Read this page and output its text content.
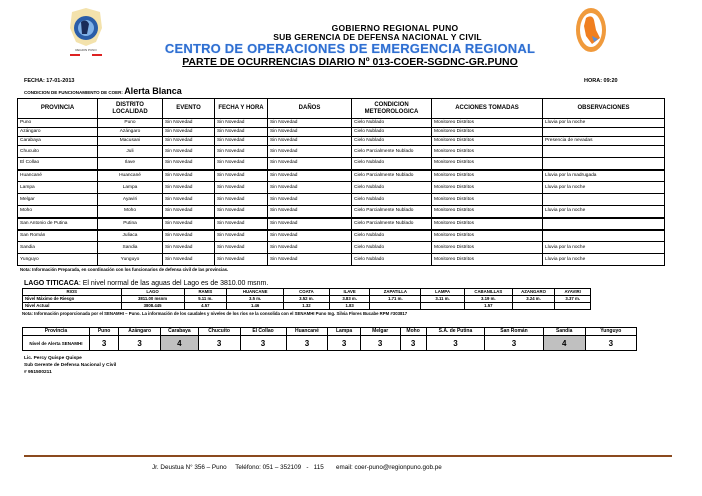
REGION PUNO
GOBIERNO REGIONAL PUNO
SUB GERENCIA DE DEFENSA NACIONAL Y CIVIL
CENTRO DE OPERACIONES DE EMERGENCIA REGIONAL
PARTE DE OCURRENCIAS DIARIO Nº 013-COER-SGDNC-GR.PUNO
FECHA: 17-01-2013	HORA: 09:20
CONDICION DE FUNCIONAMIENTO DE COER: Alerta Blanca
PROVINCIA	DISTRITO LOCALIDAD	EVENTO	FECHA Y HORA	DAÑOS	CONDICION METEOROLOGICA	ACCIONES TOMADAS	OBSERVACIONES
Puno	Puno	Sin Novedad	Sin Novedad	Sin Novedad	Cielo Nublado	Monitoreo Distritos	Lluvia por la noche
Azángaro	Azángaro	Sin Novedad	Sin Novedad	Sin Novedad	Cielo Nublado	Monitoreo Distritos	
Carabaya	Macusani	Sin Novedad	Sin Novedad	Sin Novedad	Cielo Nublado	Monitoreo Distritos	Presencia de nevadas
Chucuito	Juli	Sin Novedad	Sin Novedad	Sin Novedad	Cielo Parcialmente Nublado	Monitoreo Distritos	
El Collao	Ilave	Sin Novedad	Sin Novedad	Sin Novedad	Cielo Nublado	Monitoreo Distritos	
Huancané	Huancané	Sin Novedad	Sin Novedad	Sin Novedad	Cielo Parcialmente Nublado	Monitoreo Distritos	Lluvia por la madrugada
Lampa	Lampa	Sin Novedad	Sin Novedad	Sin Novedad	Cielo Nublado	Monitoreo Distritos	Lluvia por la noche
Melgar	Ayaviri	Sin Novedad	Sin Novedad	Sin Novedad	Cielo Nublado	Monitoreo Distritos	
Moho	Moho	Sin Novedad	Sin Novedad	Sin Novedad	Cielo Parcialmente Nublado	Monitoreo Distritos	Lluvia por la noche
San Antonio de Putina	Putina	Sin Novedad	Sin Novedad	Sin Novedad	Cielo Parcialmente Nublado	Monitoreo Distritos	
San Román	Juliaca	Sin Novedad	Sin Novedad	Sin Novedad	Cielo Nublado	Monitoreo Distritos	
Sandia	Sandia	Sin Novedad	Sin Novedad	Sin Novedad	Cielo Nublado	Monitoreo Distritos	Lluvia por la noche
Yunguyo	Yunguyo	Sin Novedad	Sin Novedad	Sin Novedad	Cielo Nublado	Monitoreo Distritos	Lluvia por la noche
Nota: Información Preparada, en coordinación con los funcionarios de defensa civil de las provincias.
LAGO TITICACA: El nivel normal de las aguas del Lago es de 3810.00 msnm.
RIOS	LAGO	RAMIS	HUANCANE	COATA	ILAVE	ZAPATILLA	LAMPA	CABANILLAS	AZANGARO	AYAVIRI
Nivel Máximo de Riesgo	3811.00 msnm	5.11 m.	3.5 m.	3.52 m.	3.83 m.	1.71 m.	3.11 m.	3.19 m.	3.24 m.	3.37 m.
Nivel Actual	3808.445	4.57	1.46	1.32	1.83			1.57		
Nota: Información proporcionada por el SENAMHI – Puno. La información de los caudales y niveles de los ríos se la consolida con el SENAMHI Puno Ing. Silvia Flores Bucabe RPM #303817
Provincia	Puno	Azángaro	Carabaya	Chucuito	El Collao	Huancané	Lampa	Melgar	Moho	S.A. de Putina	San Román	Sandia	Yunguyo
Nivel de Alerta SENAMHI	3	3	4	3	3	3	3	3	3	3	3	4	3
Lic. Percy Quispe Quispe
Sub Gerente de Defensa Nacional y Civil
# 951500211
Jr. Deustua N° 356 – Puno     Teléfono: 051 – 352109   -   115       email: coer-puno@regionpuno.gob.pe
